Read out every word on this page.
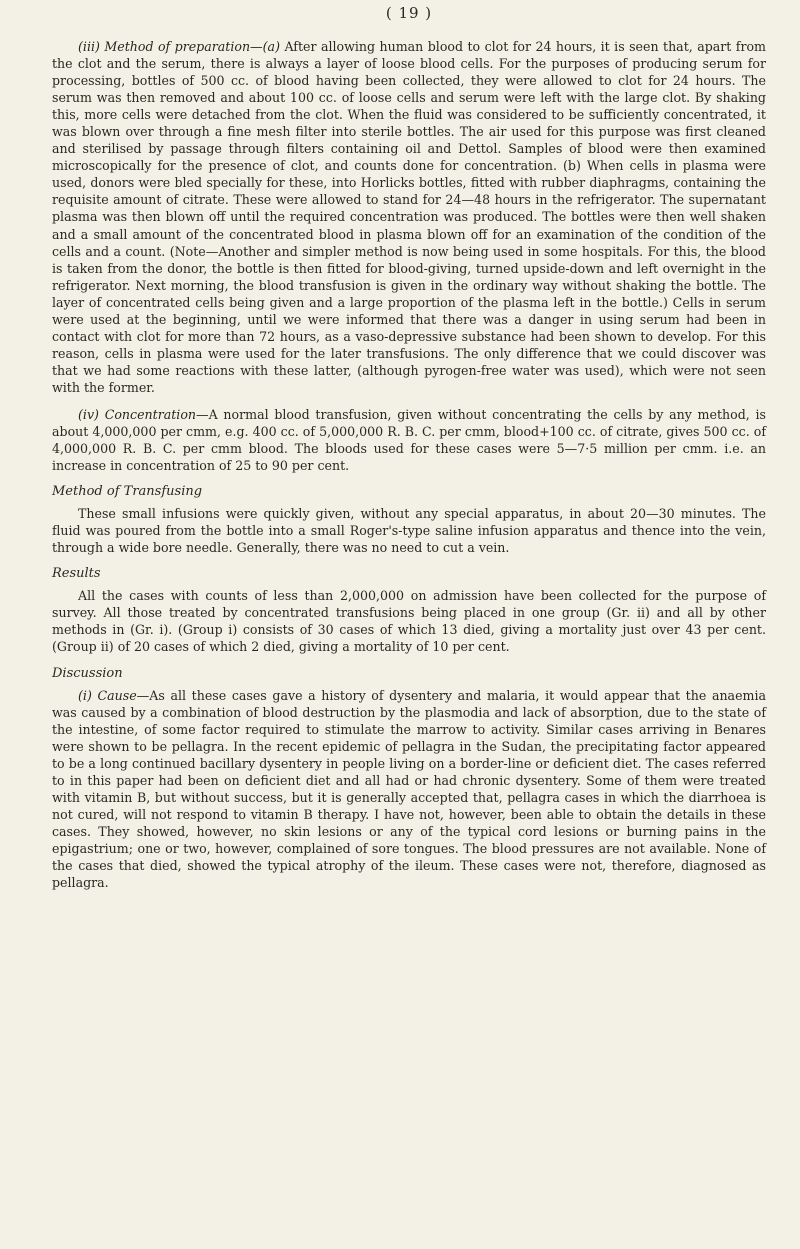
( 19 )

(iii) Method of preparation—(a) After allowing human blood to clot for 24 hours, it is seen that, apart from the clot and the serum, there is always a layer of loose blood cells. For the purposes of producing serum for processing, bottles of 500 cc. of blood having been collected, they were allowed to clot for 24 hours. The serum was then removed and about 100 cc. of loose cells and serum were left with the large clot. By shaking this, more cells were detached from the clot. When the fluid was considered to be sufficiently concentrated, it was blown over through a fine mesh filter into sterile bottles. The air used for this purpose was first cleaned and sterilised by passage through filters containing oil and Dettol. Samples of blood were then examined microscopically for the presence of clot, and counts done for concentration. (b) When cells in plasma were used, donors were bled specially for these, into Horlicks bottles, fitted with rubber diaphragms, containing the requisite amount of citrate. These were allowed to stand for 24—48 hours in the refrigerator. The supernatant plasma was then blown off until the required concentration was produced. The bottles were then well shaken and a small amount of the concentrated blood in plasma blown off for an examination of the condition of the cells and a count. (Note—Another and simpler method is now being used in some hospitals. For this, the blood is taken from the donor, the bottle is then fitted for blood-giving, turned upside-down and left overnight in the refrigerator. Next morning, the blood transfusion is given in the ordinary way without shaking the bottle. The layer of concentrated cells being given and a large proportion of the plasma left in the bottle.) Cells in serum were used at the beginning, until we were informed that there was a danger in using serum had been in contact with clot for more than 72 hours, as a vaso-depressive substance had been shown to develop. For this reason, cells in plasma were used for the later transfusions. The only difference that we could discover was that we had some reactions with these latter, (although pyrogen-free water was used), which were not seen with the former.

(iv) Concentration—A normal blood transfusion, given without concentrating the cells by any method, is about 4,000,000 per cmm, e.g. 400 cc. of 5,000,000 R. B. C. per cmm, blood+100 cc. of citrate, gives 500 cc. of 4,000,000 R. B. C. per cmm blood. The bloods used for these cases were 5—7·5 million per cmm. i.e. an increase in concentration of 25 to 90 per cent.

Method of Transfusing

These small infusions were quickly given, without any special apparatus, in about 20—30 minutes. The fluid was poured from the bottle into a small Roger's-type saline infusion apparatus and thence into the vein, through a wide bore needle. Generally, there was no need to cut a vein.

Results

All the cases with counts of less than 2,000,000 on admission have been collected for the purpose of survey. All those treated by concentrated transfusions being placed in one group (Gr. ii) and all by other methods in (Gr. i). (Group i) consists of 30 cases of which 13 died, giving a mortality just over 43 per cent. (Group ii) of 20 cases of which 2 died, giving a mortality of 10 per cent.

Discussion

(i) Cause—As all these cases gave a history of dysentery and malaria, it would appear that the anaemia was caused by a combination of blood destruction by the plasmodia and lack of absorption, due to the state of the intestine, of some factor required to stimulate the marrow to activity. Similar cases arriving in Benares were shown to be pellagra. In the recent epidemic of pellagra in the Sudan, the precipitating factor appeared to be a long continued bacillary dysentery in people living on a border-line or deficient diet. The cases referred to in this paper had been on deficient diet and all had or had chronic dysentery. Some of them were treated with vitamin B, but without success, but it is generally accepted that, pellagra cases in which the diarrhoea is not cured, will not respond to vitamin B therapy. I have not, however, been able to obtain the details in these cases. They showed, however, no skin lesions or any of the typical cord lesions or burning pains in the epigastrium; one or two, however, complained of sore tongues. The blood pressures are not available. None of the cases that died, showed the typical atrophy of the ileum. These cases were not, therefore, diagnosed as pellagra.
